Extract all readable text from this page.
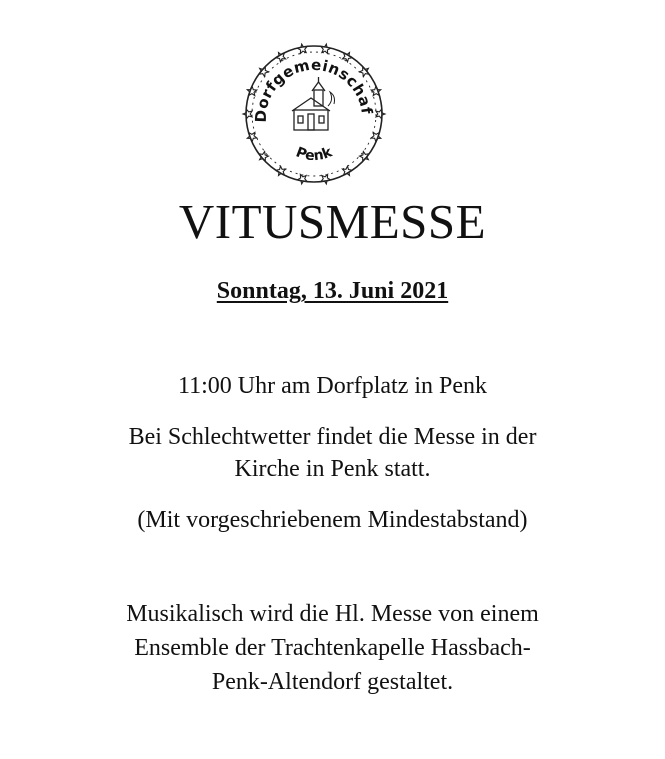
Dorfgemeinschaf
Penk
VITUSMESSE
Sonntag, 13. Juni 2021
11:00 Uhr am Dorfplatz in Penk
Bei Schlechtwetter findet die Messe in der
Kirche in Penk statt.
(Mit vorgeschriebenem Mindestabstand)
Musikalisch wird die Hl. Messe von einem
Ensemble der Trachtenkapelle Hassbach-
Penk-Altendorf gestaltet.
